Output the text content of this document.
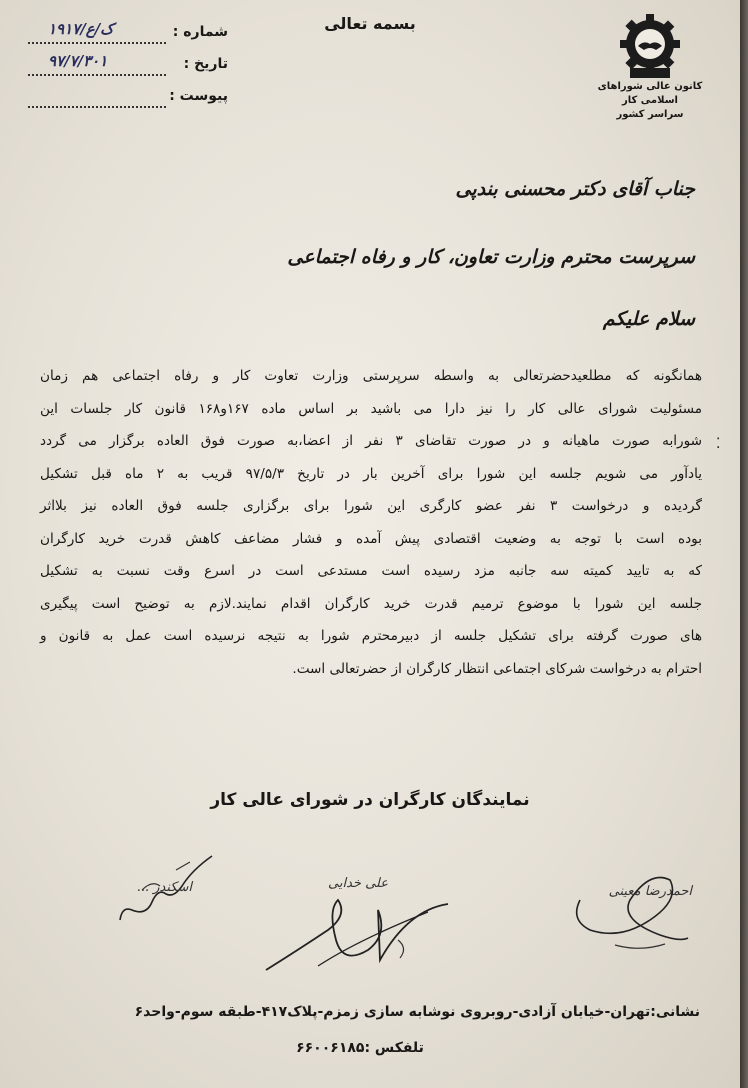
بسمه تعالی
شماره :
۱۹۱۷/ک/ع
تاریخ :
۹۷/۷/۳۰۱
پیوست :
کانون عالی شوراهای اسلامی کار
سراسر کشور
جناب آقای دکتر محسنی بندپی
سرپرست محترم وزارت تعاون، کار و رفاه اجتماعی
سلام علیکم

همانگونه که مطلعیدحضرتعالی به واسطه سرپرستی وزارت تعاوت کار و رفاه اجتماعی هم زمان
مسئولیت شورای عالی کار را نیز دارا می باشید بر اساس ماده ۱۶۷و۱۶۸ قانون کار جلسات این
شورابه صورت ماهیانه و در صورت تقاضای ۳ نفر از اعضا،به صورت فوق العاده برگزار می گردد
یادآور می شویم جلسه این شورا برای آخرین بار در تاریخ ۹۷/۵/۳ قریب به ۲ ماه قبل تشکیل
گردیده و درخواست ۳ نفر عضو کارگری این شورا برای برگزاری جلسه فوق العاده نیز بلااثر
بوده است با توجه به وضعیت اقتصادی پیش آمده و فشار مضاعف کاهش قدرت خرید کارگران
که به تایید کمیته سه جانبه مزد رسیده است مستدعی است در اسرع وقت نسبت به تشکیل
جلسه این شورا با موضوع ترمیم قدرت خرید کارگران اقدام نمایند.لازم به توضیح است پیگیری
های صورت گرفته برای تشکیل جلسه از دبیرمحترم شورا به نتیجه نرسیده است عمل به قانون و
احترام به درخواست شرکای اجتماعی انتظار کارگران از حضرتعالی است.

نمایندگان کارگران در شورای عالی کار
احمدرضا معینی
علی خدایی
اسکندر ...
نشانی:تهران-خیابان آزادی-روبروی نوشابه سازی زمزم-پلاک۴۱۷-طبقه سوم-واحد۶
تلفکس :۶۶۰۰۶۱۸۵
⁚
